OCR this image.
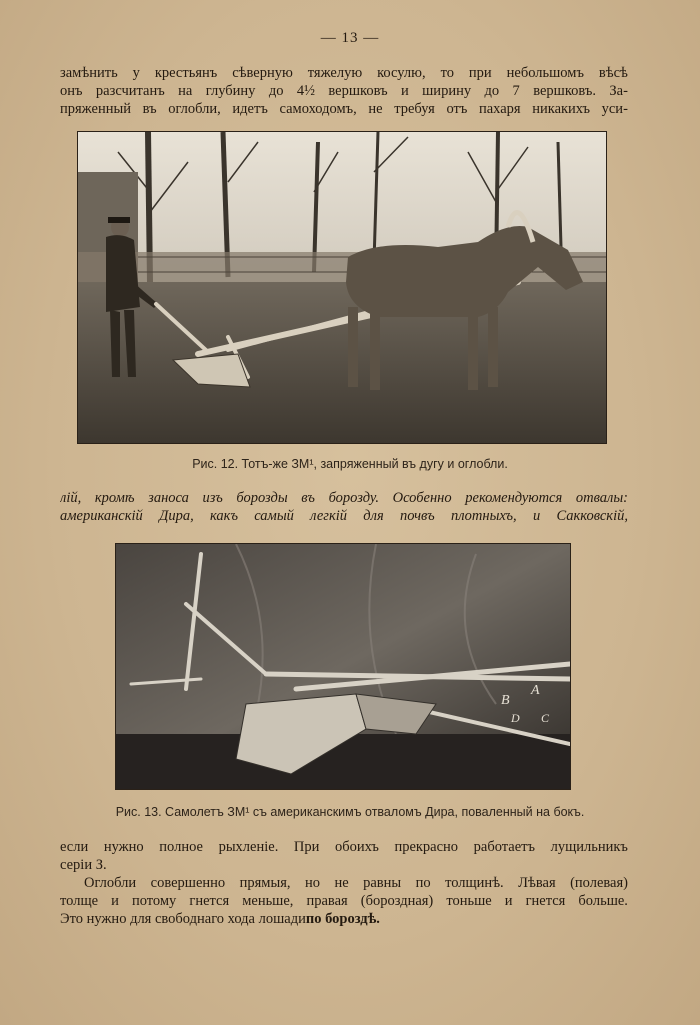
— 13 —
замѣнить у крестьянъ сѣверную тяжелую косулю, то при небольшомъ вѣсѣ
онъ разсчитанъ на глубину до 4½ вершковъ и ширину до 7 вершковъ. За-
пряженный въ оглобли, идетъ самоходомъ, не требуя отъ пахаря никакихъ уси-
Рис. 12. Тотъ-же ЗМ¹, запряженный въ дугу и оглобли.
лій, кромѣ заноса изъ борозды въ борозду. Особенно рекомендуются отвалы:
американскій Дира, какъ самый легкій для почвъ плотныхъ, и Сакковскій,
В
А
D С
Рис. 13. Самолетъ ЗМ¹ съ американскимъ отваломъ Дира, поваленный на бокъ.
если нужно полное рыхленіе. При обоихъ прекрасно работаетъ лущильникъ
серіи З.
Оглобли совершенно прямыя, но не равны по толщинѣ. Лѣвая (полевая)
толще и потому гнется меньше, правая (бороздная) тоньше и гнется больше.
Это нужно для свободнаго хода лошади по бороздѣ.
